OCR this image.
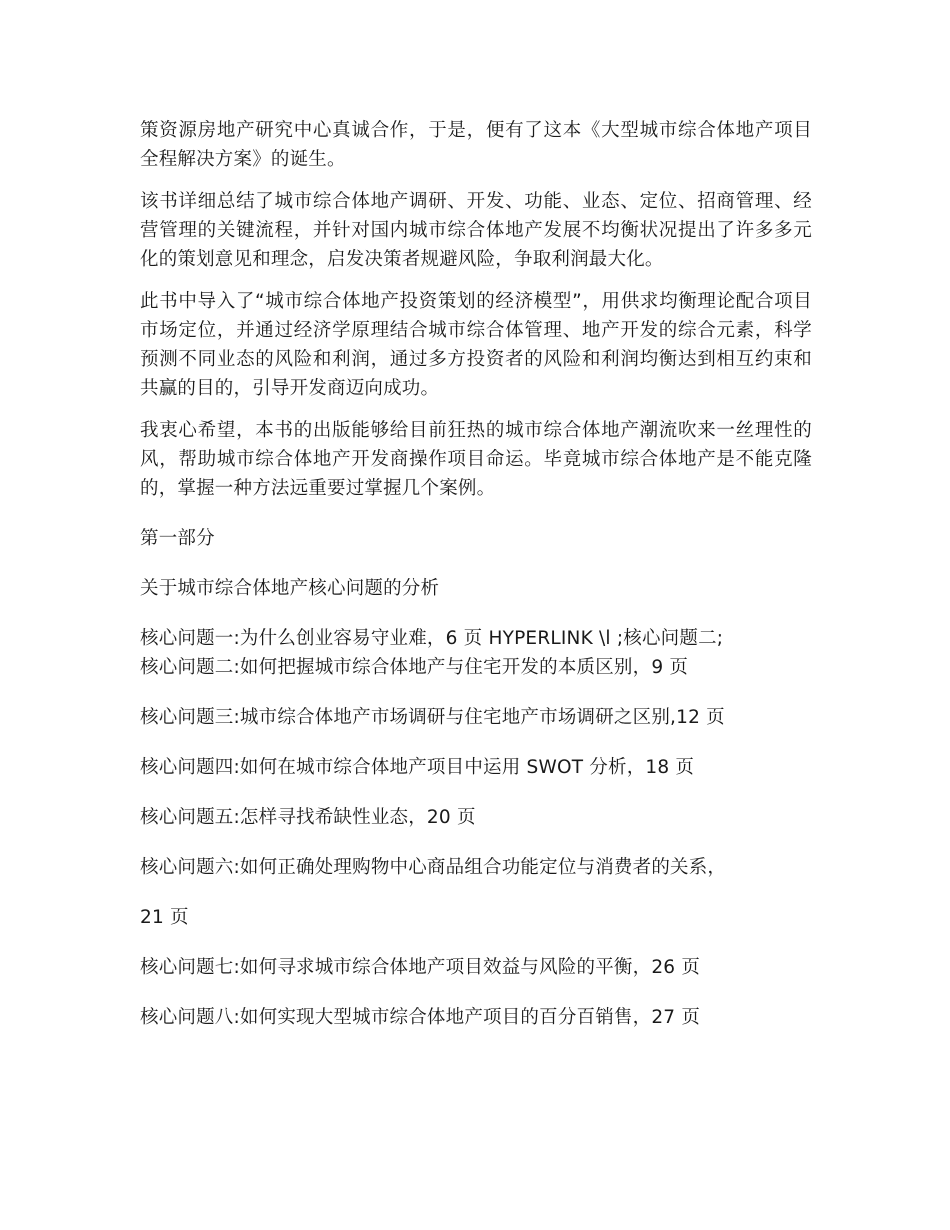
策资源房地产研究中心真诚合作，于是，便有了这本《大型城市综合体地产项目全程解决方案》的诞生。

该书详细总结了城市综合体地产调研、开发、功能、业态、定位、招商管理、经营管理的关键流程，并针对国内城市综合体地产发展不均衡状况提出了许多多元化的策划意见和理念，启发决策者规避风险，争取利润最大化。

此书中导入了“城市综合体地产投资策划的经济模型”，用供求均衡理论配合项目市场定位，并通过经济学原理结合城市综合体管理、地产开发的综合元素，科学预测不同业态的风险和利润，通过多方投资者的风险和利润均衡达到相互约束和共赢的目的，引导开发商迈向成功。

我衷心希望，本书的出版能够给目前狂热的城市综合体地产潮流吹来一丝理性的风，帮助城市综合体地产开发商操作项目命运。毕竟城市综合体地产是不能克隆的，掌握一种方法远重要过掌握几个案例。

第一部分
关于城市综合体地产核心问题的分析
核心问题一:为什么创业容易守业难，6 页 HYPERLINK \l ;核心问题二;
核心问题二:如何把握城市综合体地产与住宅开发的本质区别，9 页
核心问题三:城市综合体地产市场调研与住宅地产市场调研之区别,12 页
核心问题四:如何在城市综合体地产项目中运用 SWOT 分析，18 页
核心问题五:怎样寻找希缺性业态，20 页
核心问题六:如何正确处理购物中心商品组合功能定位与消费者的关系，
21 页
核心问题七:如何寻求城市综合体地产项目效益与风险的平衡，26 页
核心问题八:如何实现大型城市综合体地产项目的百分百销售，27 页
